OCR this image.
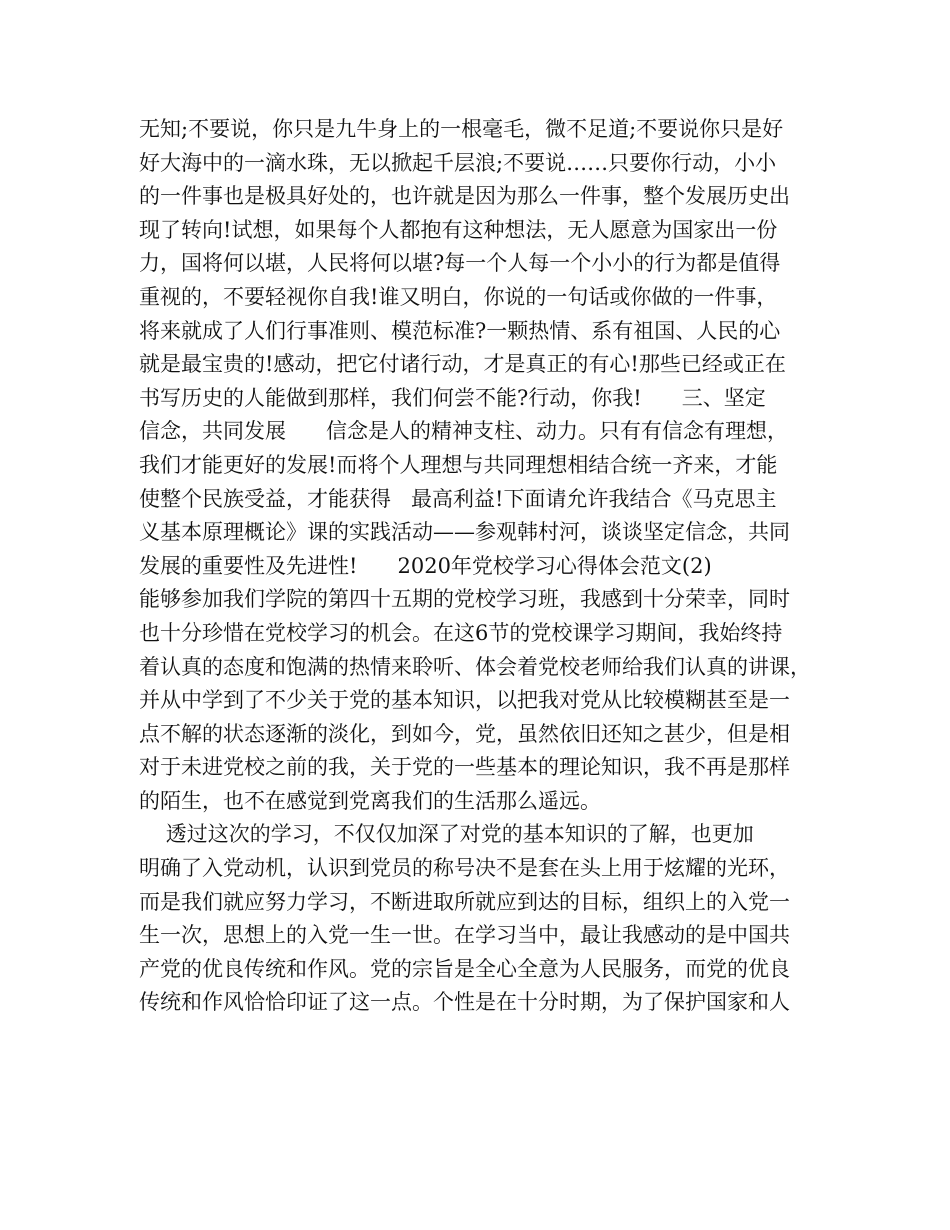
无知;不要说，你只是九牛身上的一根毫毛，微不足道;不要说你只是好
好大海中的一滴水珠，无以掀起千层浪;不要说……只要你行动，小小
的一件事也是极具好处的，也许就是因为那么一件事，整个发展历史出
现了转向!试想，如果每个人都抱有这种想法，无人愿意为国家出一份
力，国将何以堪，人民将何以堪?每一个人每一个小小的行为都是值得
重视的，不要轻视你自我!谁又明白，你说的一句话或你做的一件事，
将来就成了人们行事准则、模范标准?一颗热情、系有祖国、人民的心
就是最宝贵的!感动，把它付诸行动，才是真正的有心!那些已经或正在
书写历史的人能做到那样，我们何尝不能?行动，你我!      三、坚定
信念，共同发展      信念是人的精神支柱、动力。只有有信念有理想，
我们才能更好的发展!而将个人理想与共同理想相结合统一齐来，才能
使整个民族受益，才能获得   最高利益!下面请允许我结合《马克思主
义基本原理概论》课的实践活动——参观韩村河，谈谈坚定信念，共同
发展的重要性及先进性!      2020年党校学习心得体会范文(2)
能够参加我们学院的第四十五期的党校学习班，我感到十分荣幸，同时
也十分珍惜在党校学习的机会。在这6节的党校课学习期间，我始终持
着认真的态度和饱满的热情来聆听、体会着党校老师给我们认真的讲课，
并从中学到了不少关于党的基本知识，以把我对党从比较模糊甚至是一
点不解的状态逐渐的淡化，到如今，党，虽然依旧还知之甚少，但是相
对于未进党校之前的我，关于党的一些基本的理论知识，我不再是那样
的陌生，也不在感觉到党离我们的生活那么遥远。
透过这次的学习，不仅仅加深了对党的基本知识的了解，也更加
明确了入党动机，认识到党员的称号决不是套在头上用于炫耀的光环，
而是我们就应努力学习，不断进取所就应到达的目标，组织上的入党一
生一次，思想上的入党一生一世。在学习当中，最让我感动的是中国共
产党的优良传统和作风。党的宗旨是全心全意为人民服务，而党的优良
传统和作风恰恰印证了这一点。个性是在十分时期，为了保护国家和人
